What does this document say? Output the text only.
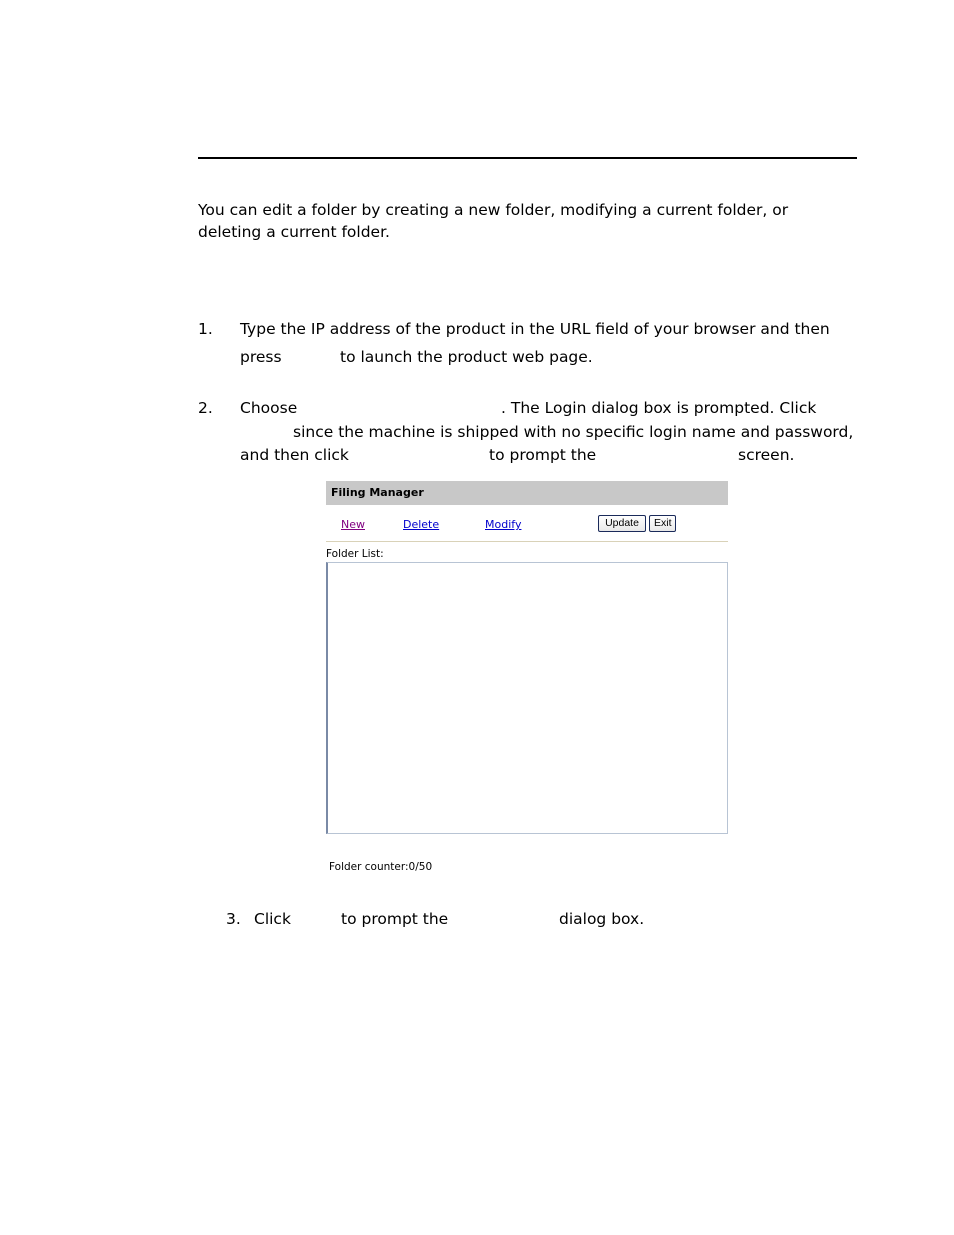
You can edit a folder by creating a new folder, modifying a current folder, or

deleting a current folder.

1. Type the IP address of the product in the URL field of your browser and then
press	to launch the product web page.
2. Choose	. The Login dialog box is prompted. Click
since the machine is shipped with no specific login name and password,
and then click	to prompt the	screen.
Filing Manager
New	Delete	Modify	Update	Exit
Folder List:
Folder counter:0/50
3. Click	to prompt the	dialog box.
